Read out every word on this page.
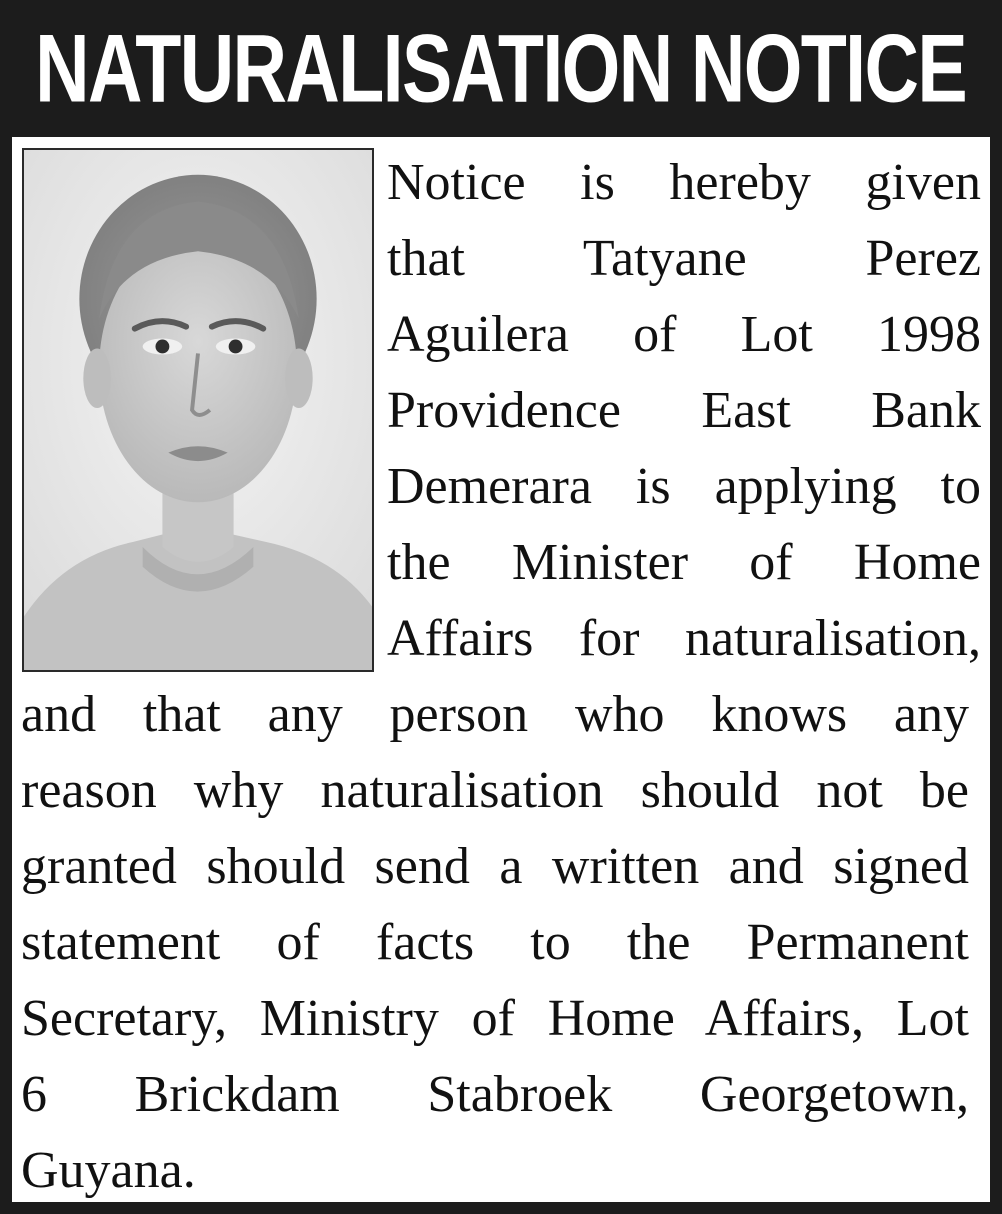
NATURALISATION NOTICE
Notice is hereby given
that Tatyane Perez
Aguilera of Lot 1998
Providence East Bank
Demerara is applying to
the Minister of Home
Affairs for naturalisation,
and that any person who knows any
reason why naturalisation should not be
granted should send a written and signed
statement of facts to the Permanent
Secretary, Ministry of Home Affairs, Lot
6 Brickdam Stabroek Georgetown,
Guyana.
